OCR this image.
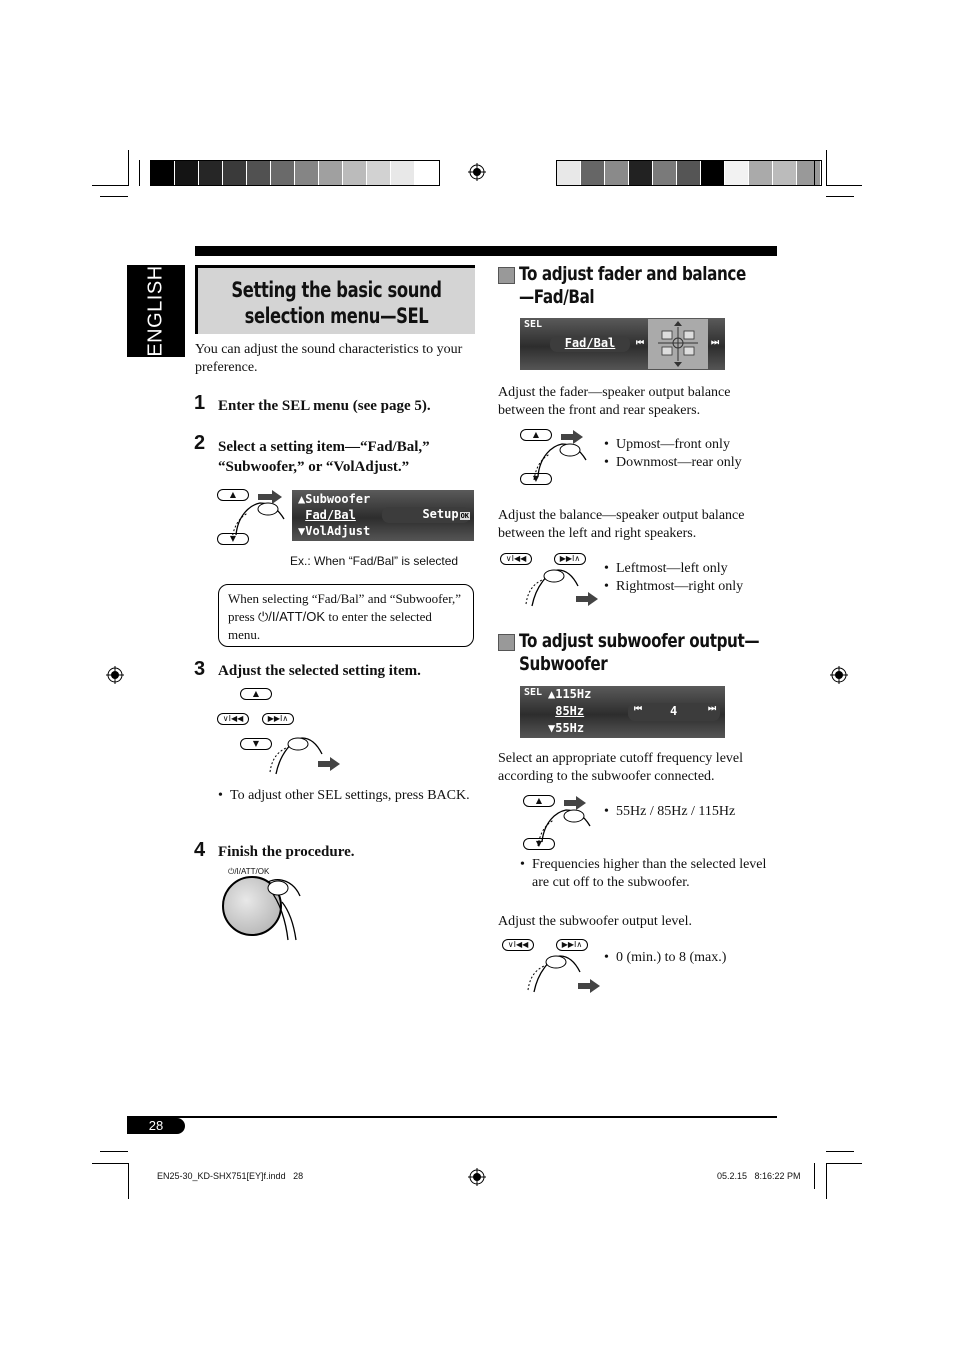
ENGLISH	Setting the basic sound
selection menu—SEL
You can adjust the sound characteristics to your preference.
1 Enter the SEL menu (see page 5).
2 Select a setting item—“Fad/Bal,” “Subwoofer,” or “VolAdjust.”
▲
▼
▲Subwoofer
Fad/Bal	Setup OK
▼VolAdjust
Ex.: When “Fad/Bal” is selected
When selecting “Fad/Bal” and “Subwoofer,” press ⏻/I/ATT/OK to enter the selected menu.
3 Adjust the selected setting item.
▲
∨I◀◀	▶▶I∧
▼
• To adjust other SEL settings, press BACK.
4 Finish the procedure.
⏻/I/ATT/OK
To adjust fader and balance
—Fad/Bal
SEL
Fad/Bal	⏮	⏭
Adjust the fader—speaker output balance between the front and rear speakers.
▲
▼
• Upmost—front only
• Downmost—rear only
Adjust the balance—speaker output balance between the left and right speakers.
∨I◀◀	▶▶I∧
• Leftmost—left only
• Rightmost—right only
To adjust subwoofer output—
Subwoofer
SEL ▲115Hz
85Hz
▼55Hz
⏮ 4	⏭
Select an appropriate cutoff frequency level according to the subwoofer connected.
▲
▼
• 55Hz / 85Hz / 115Hz
• Frequencies higher than the selected level are cut off to the subwoofer.
Adjust the subwoofer output level.
∨I◀◀	▶▶I∧
• 0 (min.) to 8 (max.)
28
EN25-30_KD-SHX751[EY]f.indd   28	05.2.15   8:16:22 PM
